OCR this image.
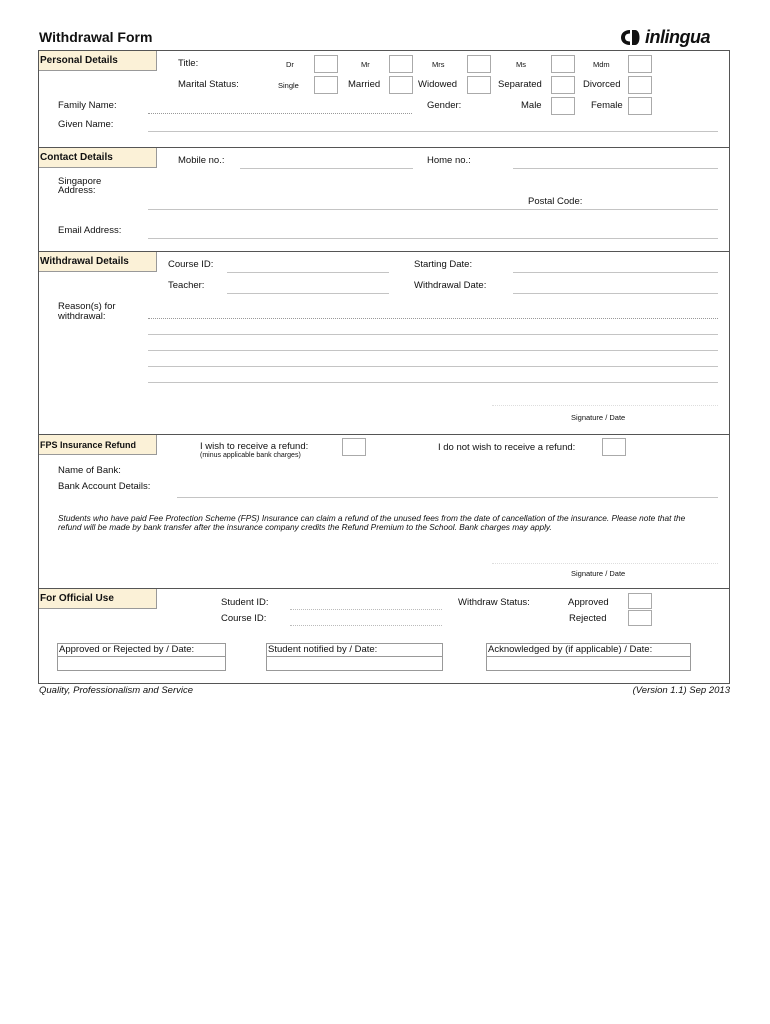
Withdrawal Form	inlingua
Personal Details	Title:	Dr	Mr	Mrs	Ms	Mdm
Marital Status:	Single	Married	Widowed	Separated	Divorced
Family Name:	Gender:	Male	Female
Given Name:
Contact Details	Mobile no.:	Home no.:
Singapore
Address:
Postal Code:
Email Address:
Withdrawal Details	Course ID:	Starting Date:
Teacher:	Withdrawal Date:
Reason(s) for
withdrawal:
Signature / Date
FPS Insurance Refund	I wish to receive a refund:
(minus applicable bank charges)
I do not wish to receive a refund:
Name of Bank:
Bank Account Details:
Students who have paid Fee Protection Scheme (FPS) Insurance can claim a refund of the unused fees from the date of cancellation of the insurance. Please note that the refund will be made by bank transfer after the insurance company credits the Refund Premium to the School. Bank charges may apply.
Signature / Date
For Official Use	Student ID:
Course ID:
Withdraw Status:	Approved
Rejected
Approved or Rejected by / Date:	Student notified by / Date:	Acknowledged by (if applicable) / Date:
Quality, Professionalism and Service	(Version 1.1) Sep 2013
